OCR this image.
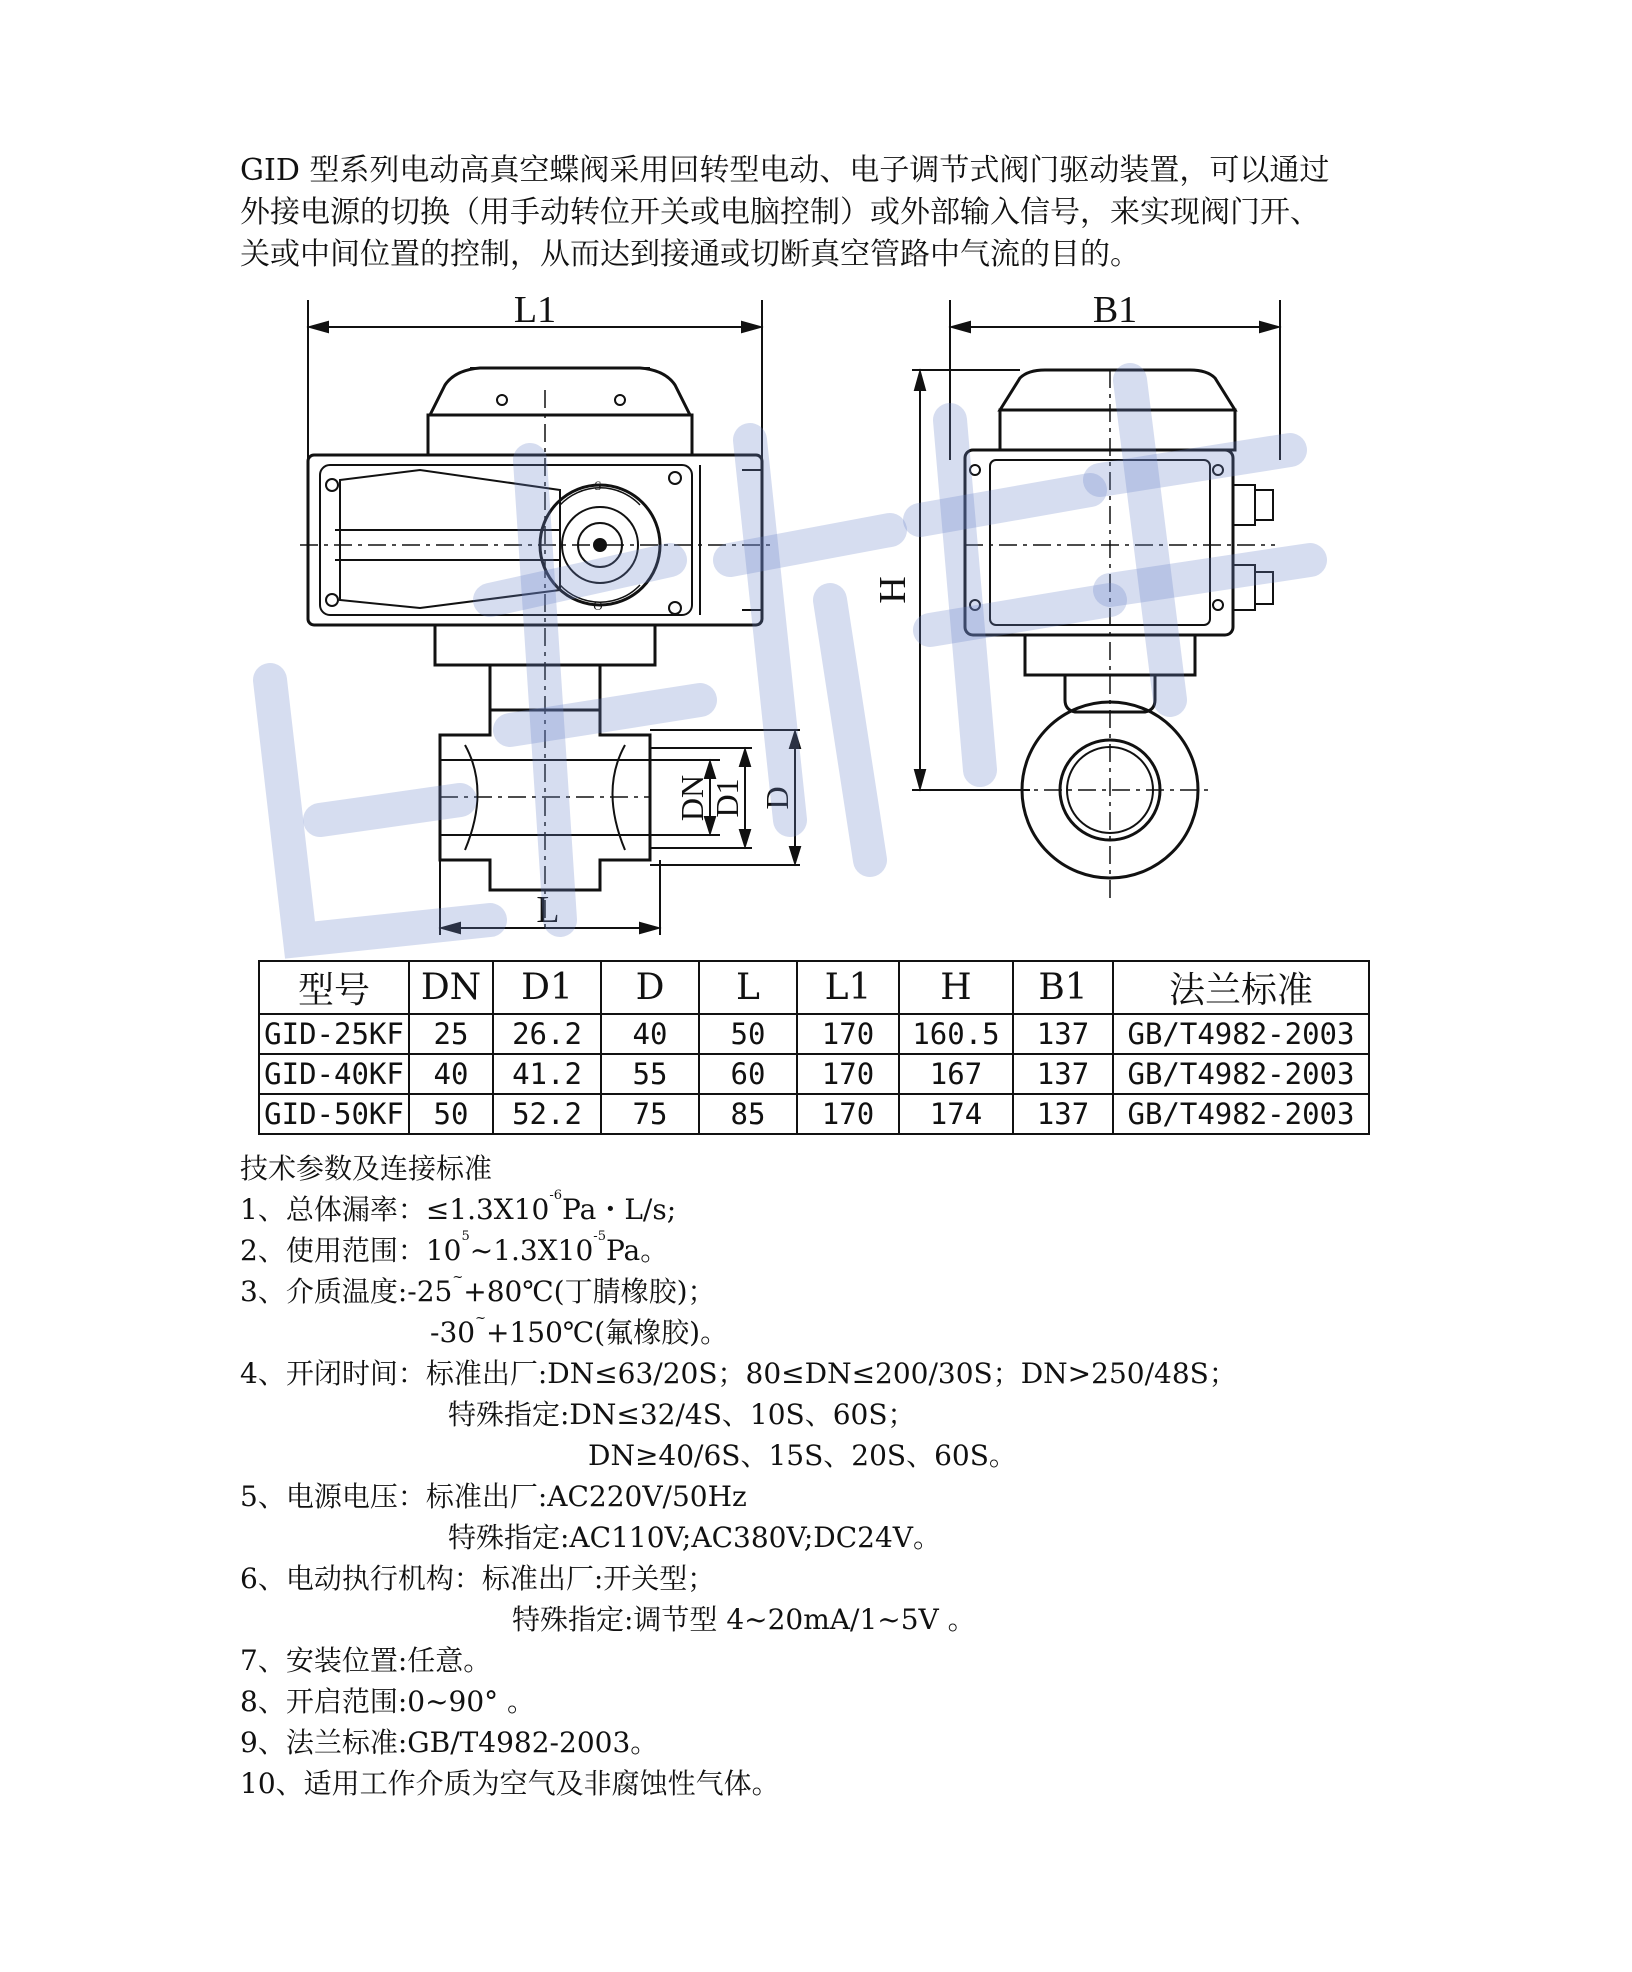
GID 型系列电动高真空蝶阀采用回转型电动、电子调节式阀门驱动装置，可以通过

外接电源的切换（用手动转位开关或电脑控制）或外部输入信号，来实现阀门开、

关或中间位置的控制，从而达到接通或切断真空管路中气流的目的。

L1	B1
L
H
DN D1 D
S
O
型号	DN	D1	D	L	L1	H	B1	法兰标准
GID-25KF	25	26.2	40	50	170	160.5	137	GB/T4982-2003
GID-40KF	40	41.2	55	60	170	167	137	GB/T4982-2003
GID-50KF	50	52.2	75	85	170	174	137	GB/T4982-2003
技术参数及连接标准
1、总体漏率：$\le 1.3X10^{-6}Pa$・L/s;
2、使用范围：$10^5\sim 1.3X10^{-5}Pa$。
3、介质温度:-25~+80℃(丁腈橡胶)；
-30~+150℃(氟橡胶)。
4、开闭时间：标准出厂:DN≤63/20S；80≤DN≤200/30S；DN>250/48S；
特殊指定:DN≤32/4S、10S、60S；
DN≥40/6S、15S、20S、60S。
5、电源电压：标准出厂:AC220V/50Hz
特殊指定:AC110V;AC380V;DC24V。
6、电动执行机构：标准出厂:开关型；
特殊指定:调节型 4~20mA/1~5V 。
7、安装位置:任意。
8、开启范围:0~90° 。
9、法兰标准:GB/T4982-2003。
10、适用工作介质为空气及非腐蚀性气体。
